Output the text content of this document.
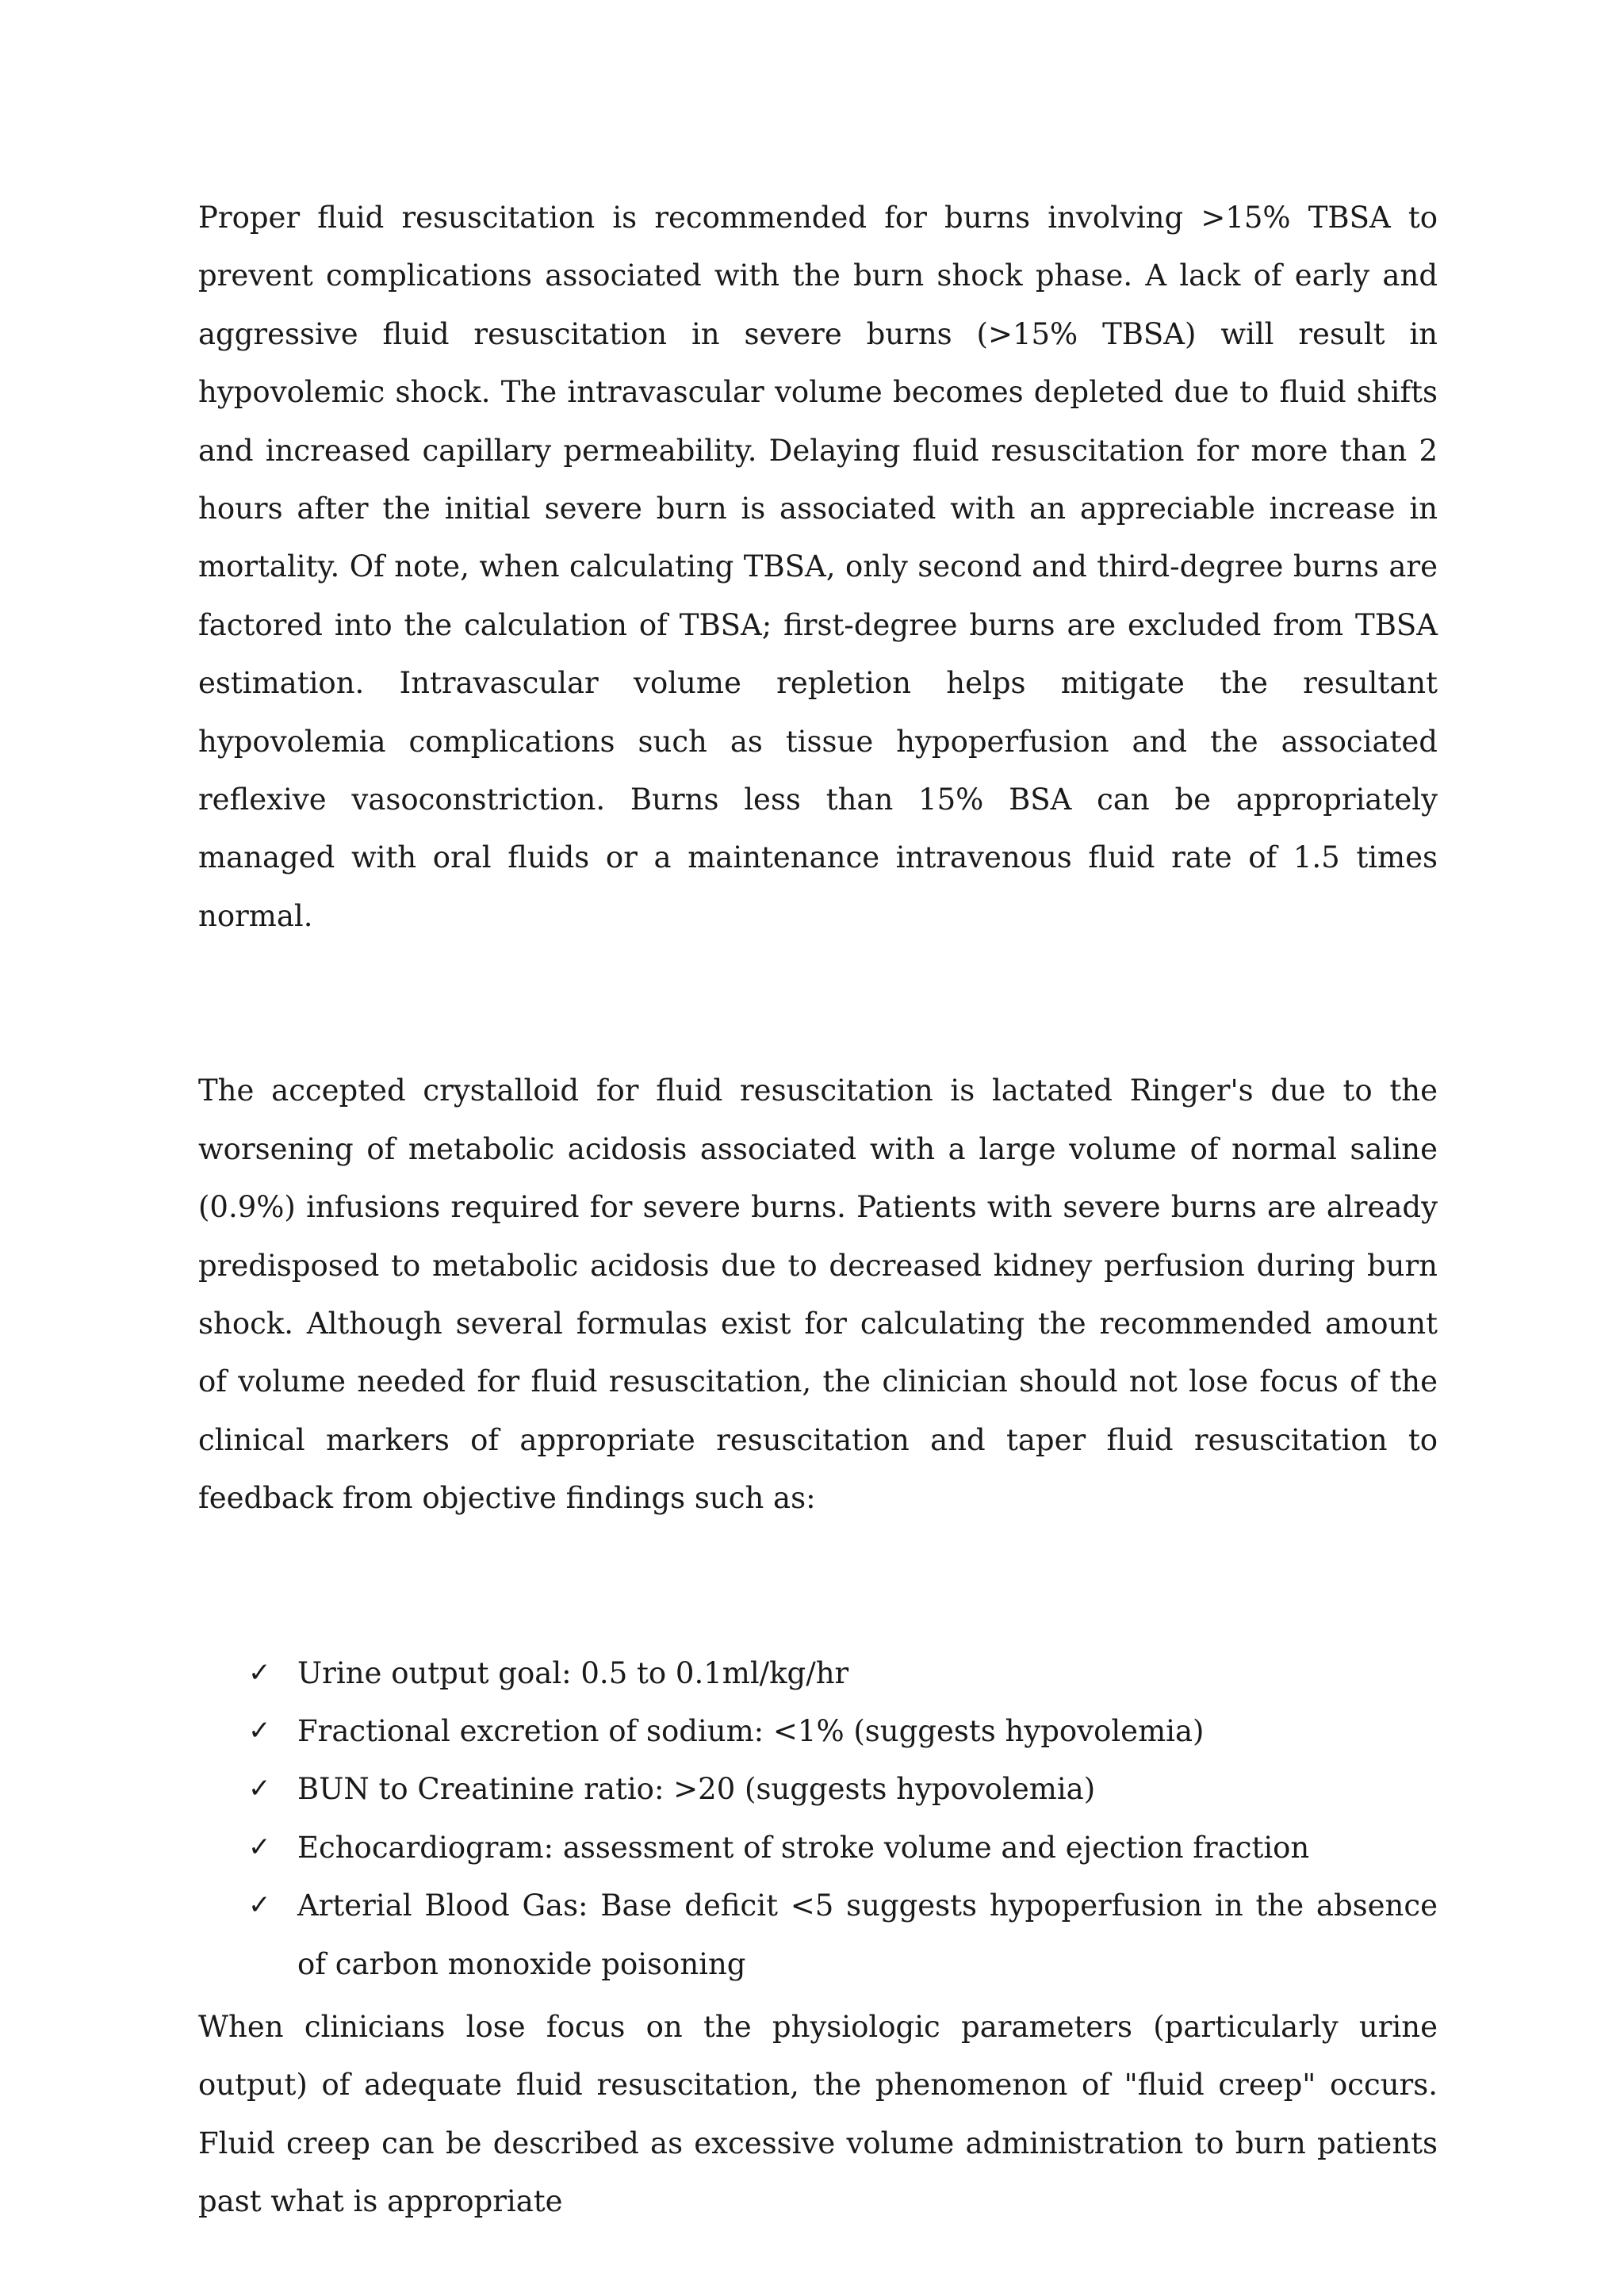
Proper fluid resuscitation is recommended for burns involving >15% TBSA to prevent complications associated with the burn shock phase. A lack of early and aggressive fluid resuscitation in severe burns (>15% TBSA) will result in hypovolemic shock. The intravascular volume becomes depleted due to fluid shifts and increased capillary permeability. Delaying fluid resuscitation for more than 2 hours after the initial severe burn is associated with an appreciable increase in mortality. Of note, when calculating TBSA, only second and third-degree burns are factored into the calculation of TBSA; first-degree burns are excluded from TBSA estimation. Intravascular volume repletion helps mitigate the resultant hypovolemia complications such as tissue hypoperfusion and the associated reflexive vasoconstriction. Burns less than 15% BSA can be appropriately managed with oral fluids or a maintenance intravenous fluid rate of 1.5 times normal.

The accepted crystalloid for fluid resuscitation is lactated Ringer's due to the worsening of metabolic acidosis associated with a large volume of normal saline (0.9%) infusions required for severe burns. Patients with severe burns are already predisposed to metabolic acidosis due to decreased kidney perfusion during burn shock. Although several formulas exist for calculating the recommended amount of volume needed for fluid resuscitation, the clinician should not lose focus of the clinical markers of appropriate resuscitation and taper fluid resuscitation to feedback from objective findings such as:

✓ Urine output goal: 0.5 to 0.1ml/kg/hr
✓ Fractional excretion of sodium: <1% (suggests hypovolemia)
✓ BUN to Creatinine ratio: >20 (suggests hypovolemia)
✓ Echocardiogram: assessment of stroke volume and ejection fraction
✓ Arterial Blood Gas: Base deficit <5 suggests hypoperfusion in the absence of carbon monoxide poisoning

When clinicians lose focus on the physiologic parameters (particularly urine output) of adequate fluid resuscitation, the phenomenon of "fluid creep" occurs. Fluid creep can be described as excessive volume administration to burn patients past what is appropriate
